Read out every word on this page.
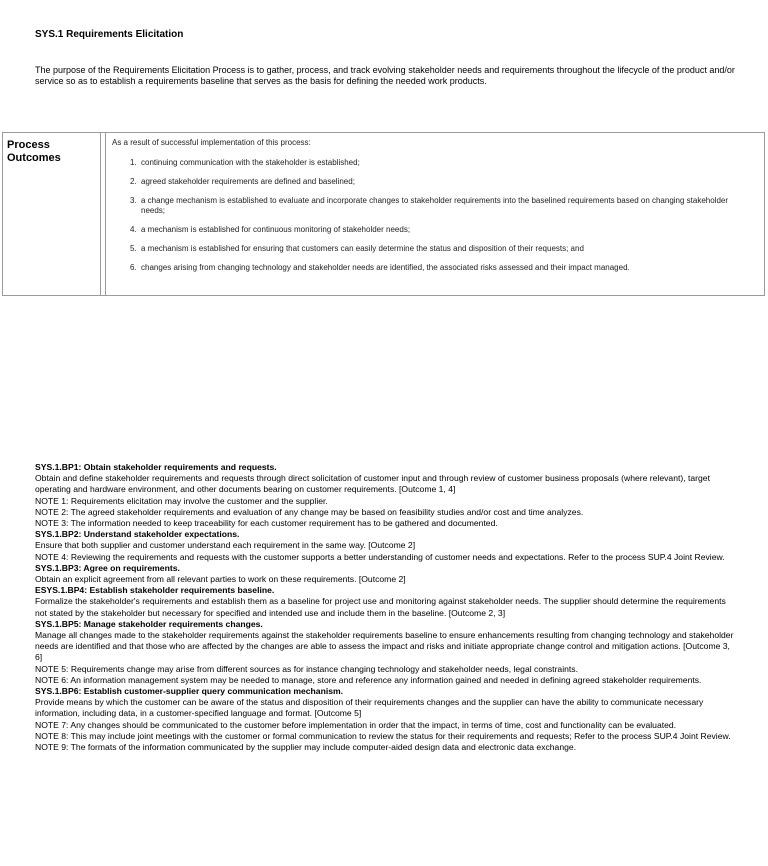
SYS.1 Requirements Elicitation
The purpose of the Requirements Elicitation Process is to gather, process, and track evolving stakeholder needs and requirements throughout the lifecycle of the product and/or service so as to establish a requirements baseline that serves as the basis for defining the needed work products.
Process Outcomes
As a result of successful implementation of this process:
1. continuing communication with the stakeholder is established;
2. agreed stakeholder requirements are defined and baselined;
3. a change mechanism is established to evaluate and incorporate changes to stakeholder requirements into the baselined requirements based on changing stakeholder needs;
4. a mechanism is established for continuous monitoring of stakeholder needs;
5. a mechanism is established for ensuring that customers can easily determine the status and disposition of their requests; and
6. changes arising from changing technology and stakeholder needs are identified, the associated risks assessed and their impact managed.

SYS.1.BP1: Obtain stakeholder requirements and requests.

Obtain and define stakeholder requirements and requests through direct solicitation of customer input and through review of customer business proposals (where relevant), target operating and hardware environment, and other documents bearing on customer requirements. [Outcome 1, 4]

NOTE 1: Requirements elicitation may involve the customer and the supplier.

NOTE 2: The agreed stakeholder requirements and evaluation of any change may be based on feasibility studies and/or cost and time analyzes.

NOTE 3: The information needed to keep traceability for each customer requirement has to be gathered and documented.

SYS.1.BP2: Understand stakeholder expectations.

Ensure that both supplier and customer understand each requirement in the same way. [Outcome 2]

NOTE 4: Reviewing the requirements and requests with the customer supports a better understanding of customer needs and expectations. Refer to the process SUP.4 Joint Review.

SYS.1.BP3: Agree on requirements.

Obtain an explicit agreement from all relevant parties to work on these requirements. [Outcome 2]

ESYS.1.BP4: Establish stakeholder requirements baseline.

Formalize the stakeholder's requirements and establish them as a baseline for project use and monitoring against stakeholder needs. The supplier should determine the requirements not stated by the stakeholder but necessary for specified and intended use and include them in the baseline. [Outcome 2, 3]

SYS.1.BP5: Manage stakeholder requirements changes.

Manage all changes made to the stakeholder requirements against the stakeholder requirements baseline to ensure enhancements resulting from changing technology and stakeholder needs are identified and that those who are affected by the changes are able to assess the impact and risks and initiate appropriate change control and mitigation actions. [Outcome 3, 6]

NOTE 5: Requirements change may arise from different sources as for instance changing technology and stakeholder needs, legal constraints.

NOTE 6: An information management system may be needed to manage, store and reference any information gained and needed in defining agreed stakeholder requirements.

SYS.1.BP6: Establish customer-supplier query communication mechanism.

Provide means by which the customer can be aware of the status and disposition of their requirements changes and the supplier can have the ability to communicate necessary information, including data, in a customer-specified language and format. [Outcome 5]

NOTE 7: Any changes should be communicated to the customer before implementation in order that the impact, in terms of time, cost and functionality can be evaluated.

NOTE 8: This may include joint meetings with the customer or formal communication to review the status for their requirements and requests; Refer to the process SUP.4 Joint Review.

NOTE 9: The formats of the information communicated by the supplier may include computer-aided design data and electronic data exchange.
